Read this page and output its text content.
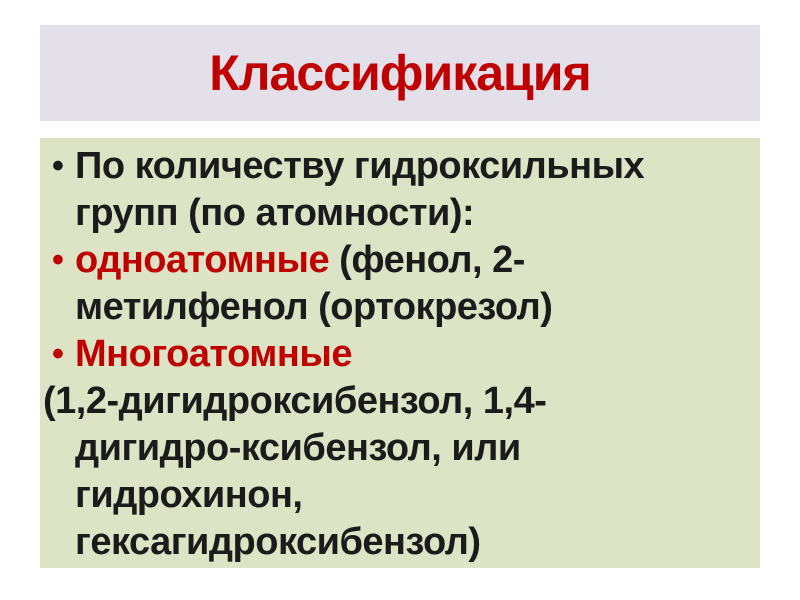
Классификация
• По количеству гидроксильных
групп (по атомности):
• одноатомные (фенол, 2-
метилфенол (ортокрезол)
• Многоатомные
(1,2-дигидроксибензол, 1,4-
дигидро-ксибензол, или
гидрохинон,
гексагидроксибензол)
